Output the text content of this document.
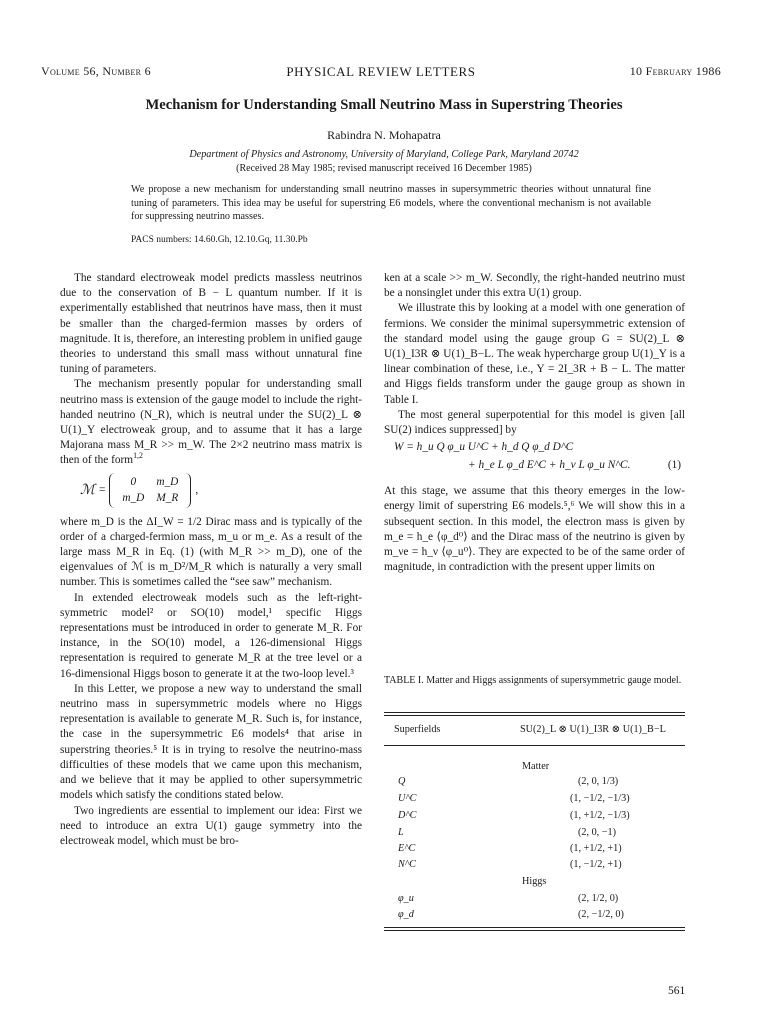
Volume 56, Number 6	PHYSICAL REVIEW LETTERS	10 February 1986
Mechanism for Understanding Small Neutrino Mass in Superstring Theories
Rabindra N. Mohapatra
Department of Physics and Astronomy, University of Maryland, College Park, Maryland 20742
(Received 28 May 1985; revised manuscript received 16 December 1985)
We propose a new mechanism for understanding small neutrino masses in supersymmetric theories without unnatural fine tuning of parameters. This idea may be useful for superstring E6 models, where the conventional mechanism is not available for suppressing neutrino masses.
PACS numbers: 14.60.Gh, 12.10.Gq, 11.30.Pb

The standard electroweak model predicts massless neutrinos due to the conservation of B − L quantum number. If it is experimentally established that neutrinos have mass, then it must be smaller than the charged-fermion masses by orders of magnitude. It is, therefore, an interesting problem in unified gauge theories to understand this small mass without unnatural fine tuning of parameters.

The mechanism presently popular for understanding small neutrino mass is extension of the gauge model to include the right-handed neutrino (N_R), which is neutral under the SU(2)_L ⊗ U(1)_Y electroweak group, and to assume that it has a large Majorana mass M_R >> m_W. The 2×2 neutrino mass matrix is then of the form$^{1,2}$

ℳ =
0	m_D
m_D	M_R
,

where m_D is the ΔI_W = 1/2 Dirac mass and is typically of the order of a charged-fermion mass, m_u or m_e. As a result of the large mass M_R in Eq. (1) (with M_R >> m_D), one of the eigenvalues of ℳ is m_D²/M_R which is naturally a very small number. This is sometimes called the “see saw” mechanism.

In extended electroweak models such as the left-right-symmetric model² or SO(10) model,¹ specific Higgs representations must be introduced in order to generate M_R. For instance, in the SO(10) model, a 126-dimensional Higgs representation is required to generate M_R at the tree level or a 16-dimensional Higgs boson to generate it at the two-loop level.³

In this Letter, we propose a new way to understand the small neutrino mass in supersymmetric models where no Higgs representation is available to generate M_R. Such is, for instance, the case in the supersymmetric E6 models⁴ that arise in superstring theories.⁵ It is in trying to resolve the neutrino-mass difficulties of these models that we came upon this mechanism, and we believe that it may be applied to other supersymmetric models which satisfy the conditions stated below.

Two ingredients are essential to implement our idea: First we need to introduce an extra U(1) gauge symmetry into the electroweak model, which must be bro-

ken at a scale >> m_W. Secondly, the right-handed neutrino must be a nonsinglet under this extra U(1) group.

We illustrate this by looking at a model with one generation of fermions. We consider the minimal supersymmetric extension of the standard model using the gauge group G = SU(2)_L ⊗ U(1)_I3R ⊗ U(1)_B−L. The weak hypercharge group U(1)_Y is a linear combination of these, i.e., Y = 2I_3R + B − L. The matter and Higgs fields transform under the gauge group as shown in Table I.

The most general superpotential for this model is given [all SU(2) indices suppressed] by

W = h_u Q φ_u U^C + h_d Q φ_d D^C
+ h_e L φ_d E^C + h_ν L φ_u N^C.	(1)

At this stage, we assume that this theory emerges in the low-energy limit of superstring E6 models.⁵,⁶ We will show this in a subsequent section. In this model, the electron mass is given by m_e = h_e ⟨φ_d⁰⟩ and the Dirac mass of the neutrino is given by m_νe = h_ν ⟨φ_u⁰⟩. They are expected to be of the same order of magnitude, in contradiction with the present upper limits on

TABLE I. Matter and Higgs assignments of supersymmetric gauge model.
Superfields	SU(2)_L ⊗ U(1)_I3R ⊗ U(1)_B−L
Matter
Q	(2, 0, 1/3)
U^C	(1, −1/2, −1/3)
D^C	(1, +1/2, −1/3)
L	(2, 0, −1)
E^C	(1, +1/2, +1)
N^C	(1, −1/2, +1)
Higgs
φ_u	(2, 1/2, 0)
φ_d	(2, −1/2, 0)
561
